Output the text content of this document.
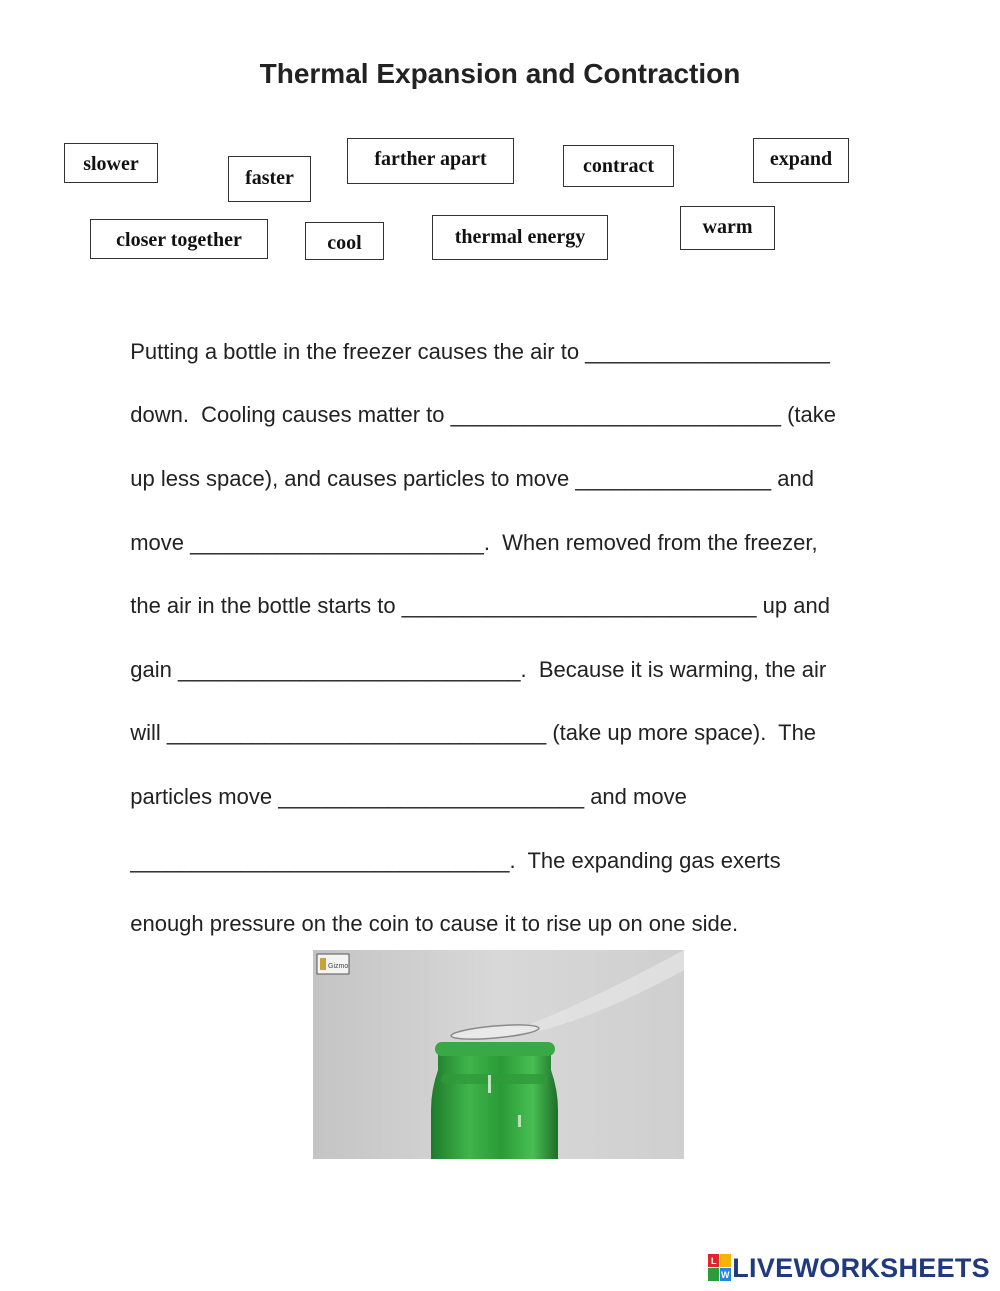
Thermal Expansion and Contraction
slower
faster
farther apart	contract	expand
closer together	cool	thermal energy	warm

Putting a bottle in the freezer causes the air to ____________________

down.  Cooling causes matter to ___________________________ (take

up less space), and causes particles to move ________________ and

move ________________________.  When removed from the freezer,

the air in the bottle starts to _____________________________ up and

gain ____________________________.  Because it is warming, the air

will _______________________________ (take up more space).  The

particles move _________________________ and move

_______________________________.  The expanding gas exerts

enough pressure on the coin to cause it to rise up on one side.

Gizmo
L
W LIVEWORKSHEETS
